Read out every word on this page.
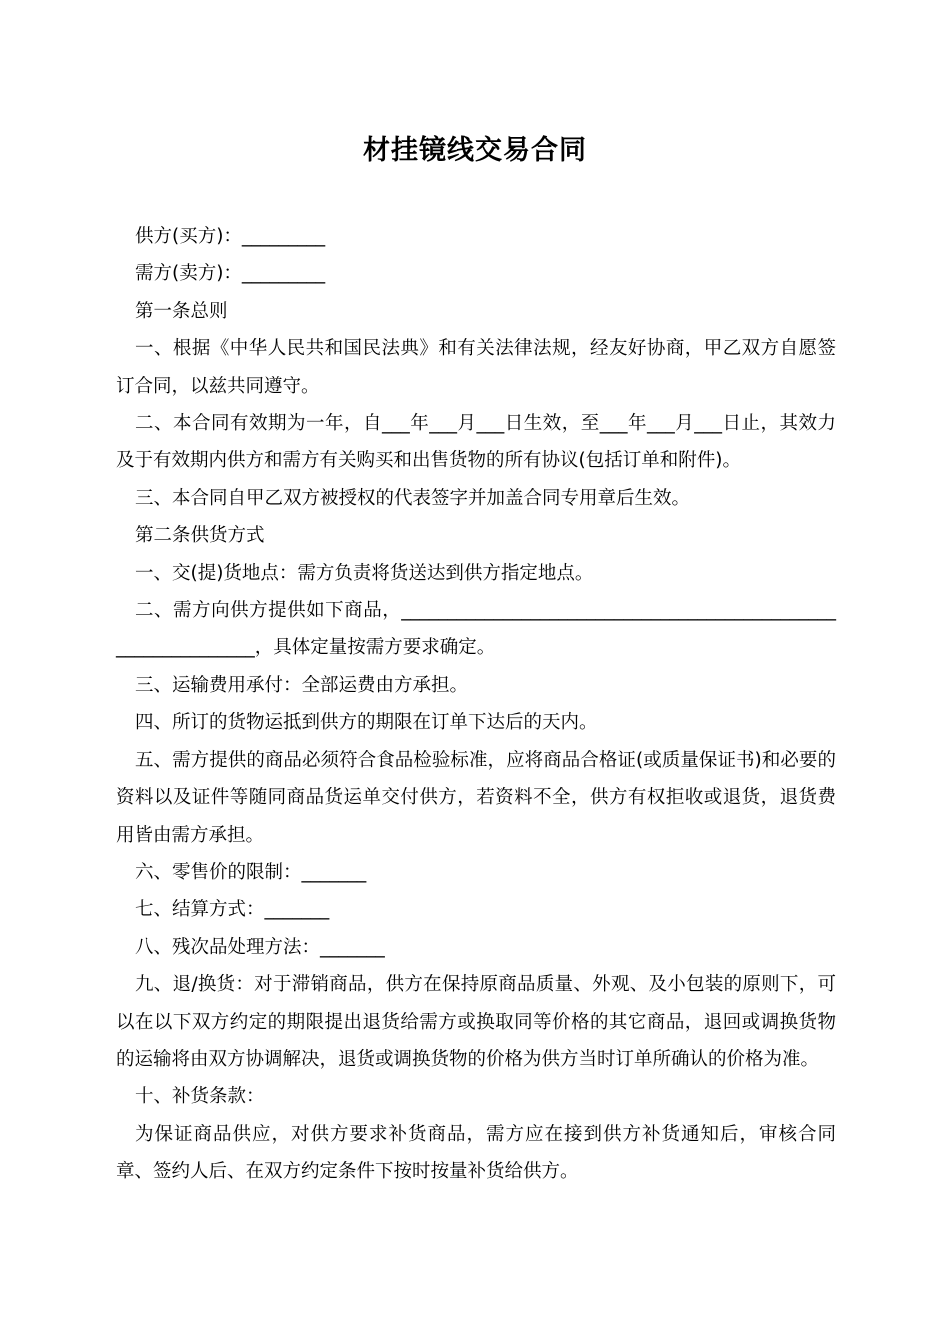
材挂镜线交易合同

供方(买方)：_________

需方(卖方)：_________

第一条总则

一、根据《中华人民共和国民法典》和有关法律法规，经友好协商，甲乙双方自愿签订合同，以兹共同遵守。

二、本合同有效期为一年，自___年___月___日生效，至___年___月___日止，其效力及于有效期内供方和需方有关购买和出售货物的所有协议(包括订单和附件)。

三、本合同自甲乙双方被授权的代表签字并加盖合同专用章后生效。

第二条供货方式

一、交(提)货地点：需方负责将货送达到供方指定地点。

二、需方向供方提供如下商品，______________________________________________________________，具体定量按需方要求确定。

三、运输费用承付：全部运费由方承担。

四、所订的货物运抵到供方的期限在订单下达后的天内。

五、需方提供的商品必须符合食品检验标准，应将商品合格证(或质量保证书)和必要的资料以及证件等随同商品货运单交付供方，若资料不全，供方有权拒收或退货，退货费用皆由需方承担。

六、零售价的限制：_______

七、结算方式：_______

八、残次品处理方法：_______

九、退/换货：对于滞销商品，供方在保持原商品质量、外观、及小包装的原则下，可以在以下双方约定的期限提出退货给需方或换取同等价格的其它商品，退回或调换货物的运输将由双方协调解决，退货或调换货物的价格为供方当时订单所确认的价格为准。

十、补货条款：

为保证商品供应，对供方要求补货商品，需方应在接到供方补货通知后，审核合同章、签约人后、在双方约定条件下按时按量补货给供方。
